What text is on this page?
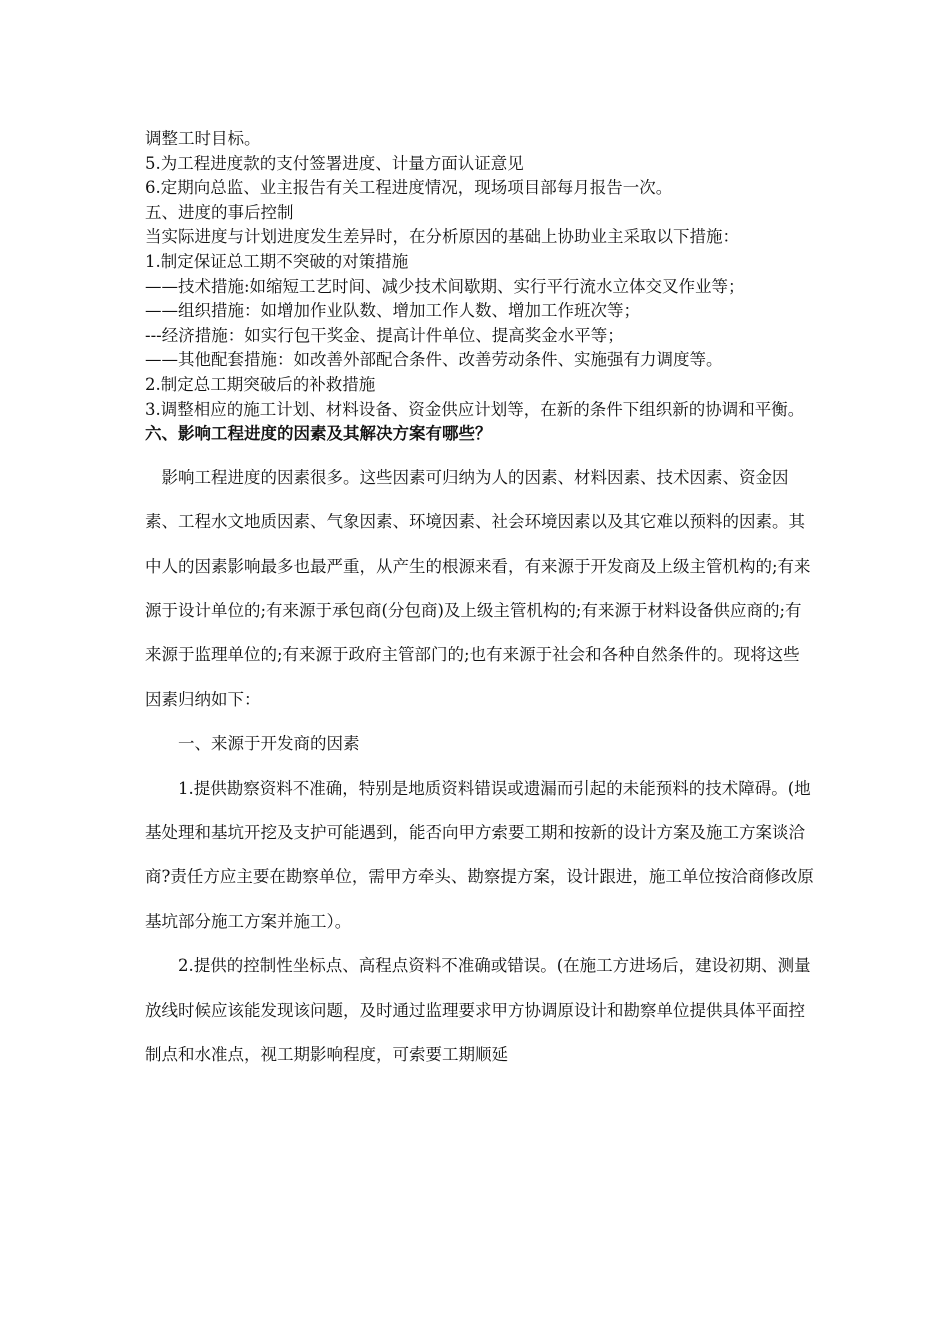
调整工时目标。

5.为工程进度款的支付签署进度、计量方面认证意见

6.定期向总监、业主报告有关工程进度情况，现场项目部每月报告一次。

五、进度的事后控制

当实际进度与计划进度发生差异时，在分析原因的基础上协助业主采取以下措施：

1.制定保证总工期不突破的对策措施

——技术措施:如缩短工艺时间、减少技术间歇期、实行平行流水立体交叉作业等；

——组织措施：如增加作业队数、增加工作人数、增加工作班次等；

---经济措施：如实行包干奖金、提高计件单位、提高奖金水平等；

——其他配套措施：如改善外部配合条件、改善劳动条件、实施强有力调度等。

2.制定总工期突破后的补救措施

3.调整相应的施工计划、材料设备、资金供应计划等，在新的条件下组织新的协调和平衡。

六、影响工程进度的因素及其解决方案有哪些？

影响工程进度的因素很多。这些因素可归纳为人的因素、材料因素、技术因素、资金因素、工程水文地质因素、气象因素、环境因素、社会环境因素以及其它难以预料的因素。其中人的因素影响最多也最严重，从产生的根源来看，有来源于开发商及上级主管机构的;有来源于设计单位的;有来源于承包商(分包商)及上级主管机构的;有来源于材料设备供应商的;有来源于监理单位的;有来源于政府主管部门的;也有来源于社会和各种自然条件的。现将这些因素归纳如下：

一、来源于开发商的因素

1.提供勘察资料不准确，特别是地质资料错误或遗漏而引起的未能预料的技术障碍。(地基处理和基坑开挖及支护可能遇到，能否向甲方索要工期和按新的设计方案及施工方案谈洽商?责任方应主要在勘察单位，需甲方牵头、勘察提方案，设计跟进，施工单位按洽商修改原基坑部分施工方案并施工）。

2.提供的控制性坐标点、高程点资料不准确或错误。(在施工方进场后，建设初期、测量放线时候应该能发现该问题，及时通过监理要求甲方协调原设计和勘察单位提供具体平面控制点和水准点，视工期影响程度，可索要工期顺延
